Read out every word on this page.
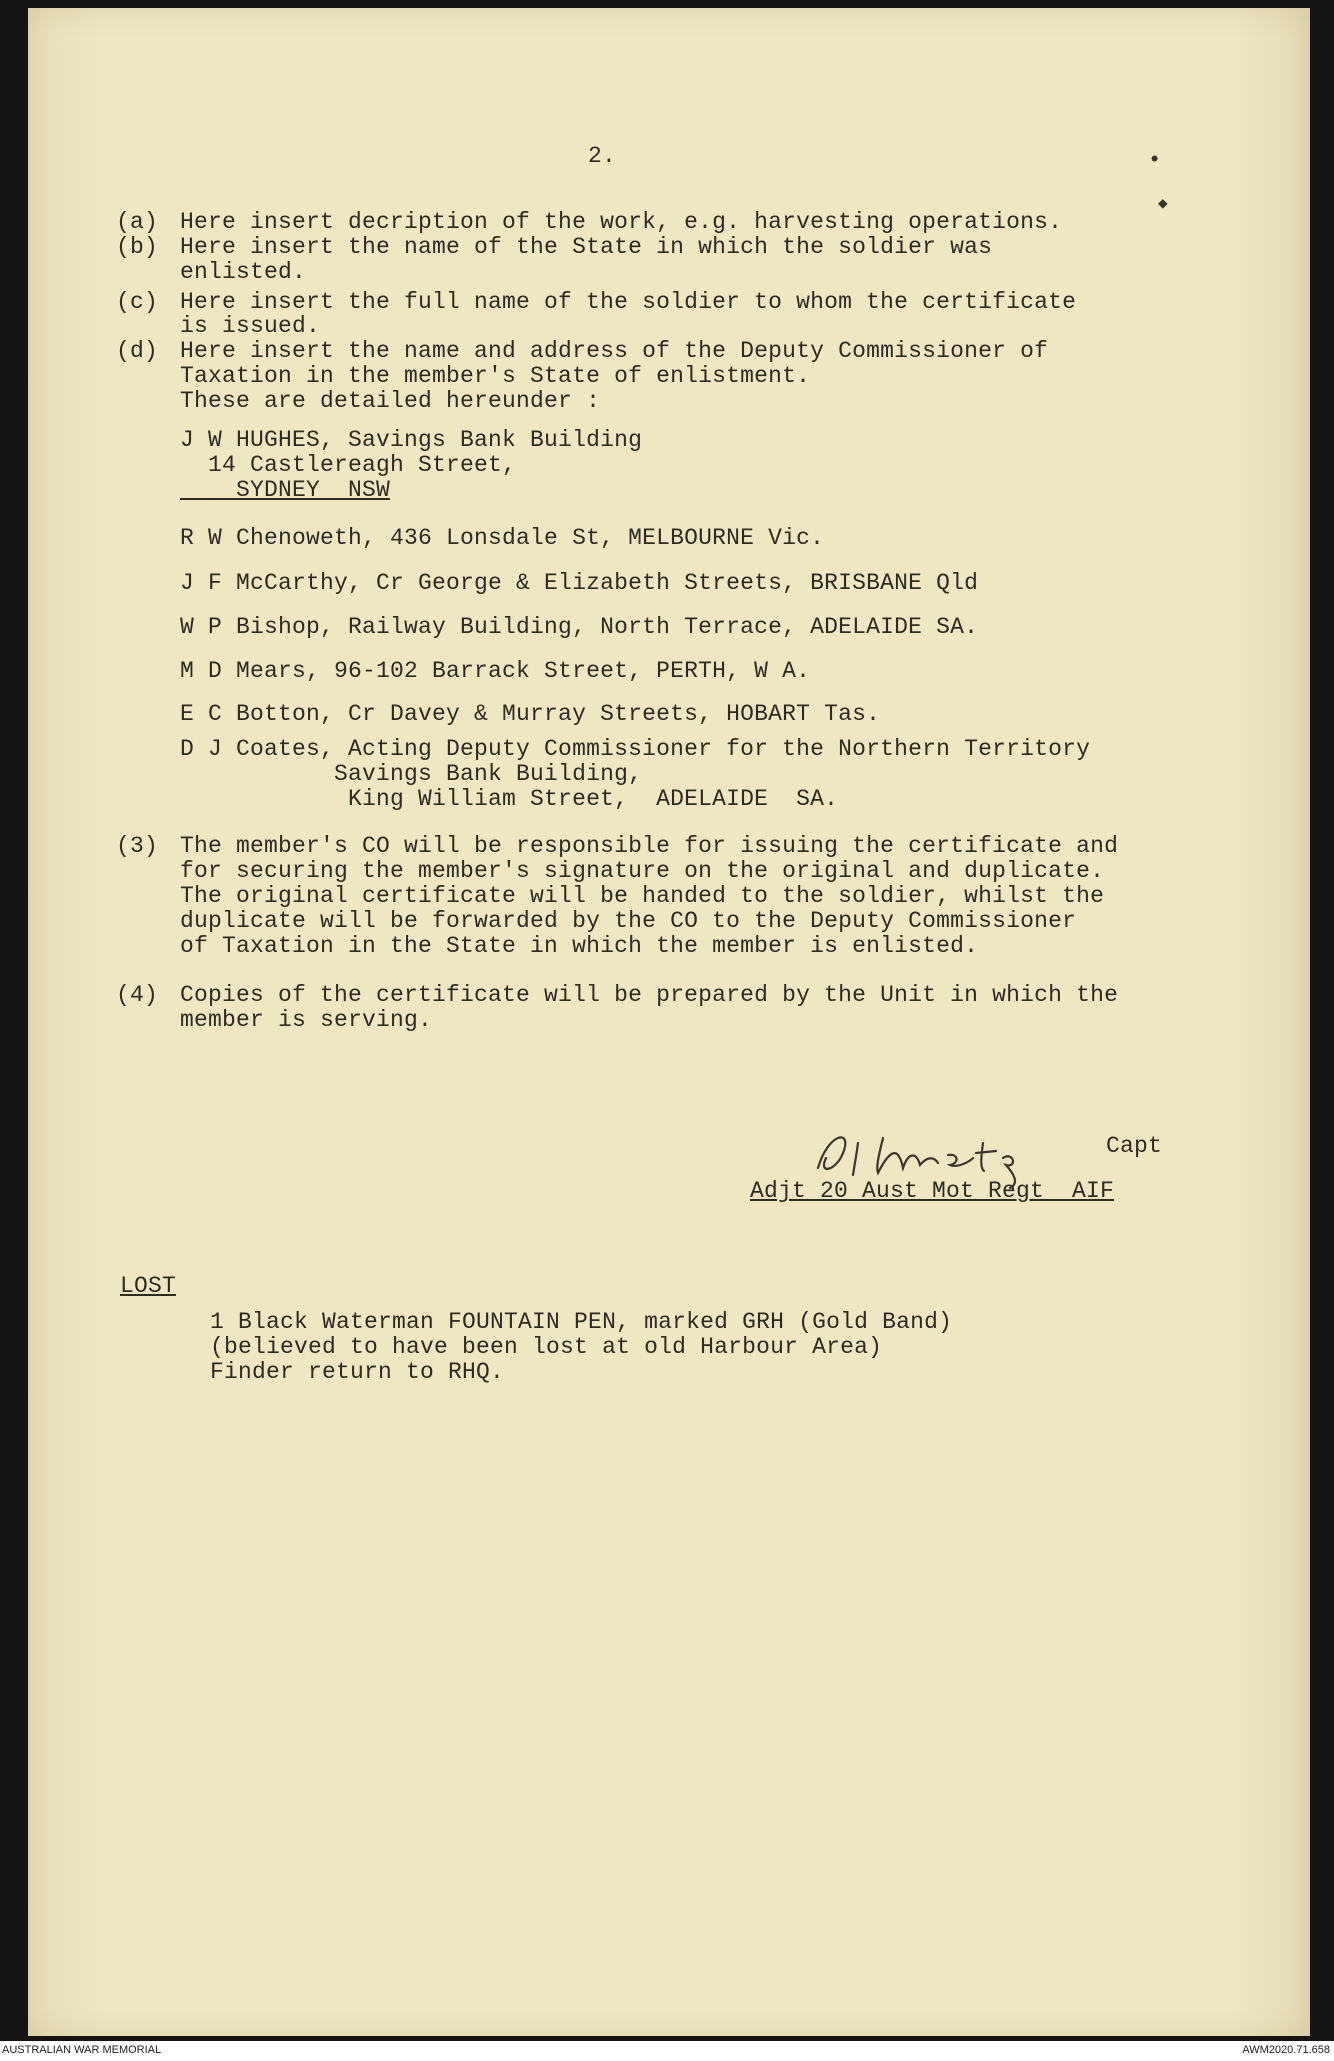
2.
(a) Here insert decription of the work, e.g. harvesting operations.
(b) Here insert the name of the State in which the soldier was
enlisted.
(c) Here insert the full name of the soldier to whom the certificate
is issued.
(d) Here insert the name and address of the Deputy Commissioner of
Taxation in the member's State of enlistment.
These are detailed hereunder :
J W HUGHES, Savings Bank Building
14 Castlereagh Street,
SYDNEY  NSW
R W Chenoweth, 436 Lonsdale St, MELBOURNE Vic.
J F McCarthy, Cr George & Elizabeth Streets, BRISBANE Qld
W P Bishop, Railway Building, North Terrace, ADELAIDE SA.
M D Mears, 96-102 Barrack Street, PERTH, W A.
E C Botton, Cr Davey & Murray Streets, HOBART Tas.
D J Coates, Acting Deputy Commissioner for the Northern Territory
Savings Bank Building,
King William Street,  ADELAIDE  SA.
(3) The member's CO will be responsible for issuing the certificate and
for securing the member's signature on the original and duplicate.
The original certificate will be handed to the soldier, whilst the
duplicate will be forwarded by the CO to the Deputy Commissioner
of Taxation in the State in which the member is enlisted.
(4) Copies of the certificate will be prepared by the Unit in which the
member is serving.
Capt
Adjt 20 Aust Mot Regt  AIF
LOST
1 Black Waterman FOUNTAIN PEN, marked GRH (Gold Band)
(believed to have been lost at old Harbour Area)
Finder return to RHQ.
•
◆
AUSTRALIAN WAR MEMORIAL	AWM2020.71.658
